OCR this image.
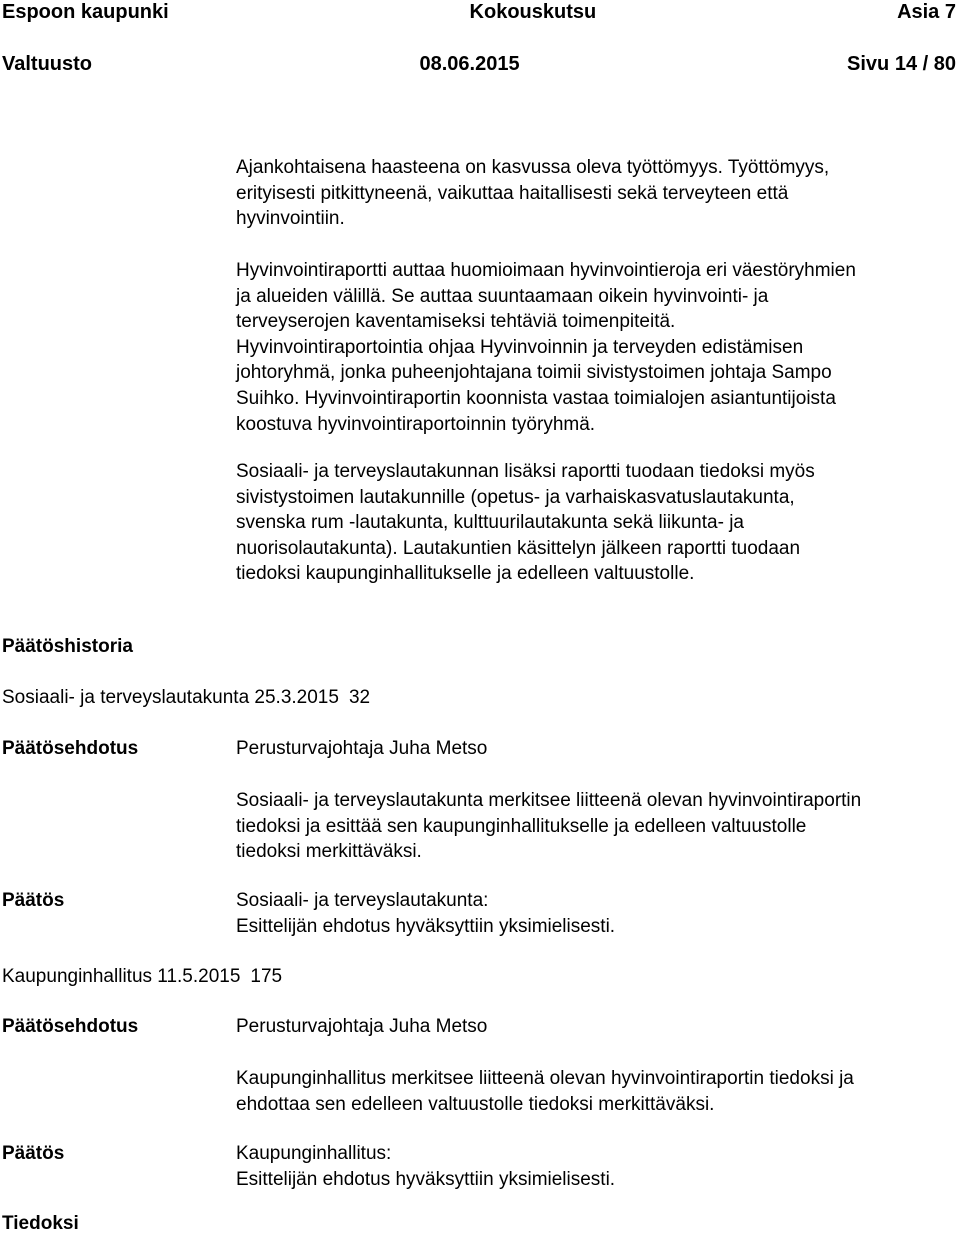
Espoon kaupunki	Kokouskutsu	Asia 7
Valtuusto	08.06.2015	Sivu 14 / 80
Ajankohtaisena haasteena on kasvussa oleva työttömyys. Työttömyys,
erityisesti pitkittyneenä, vaikuttaa haitallisesti sekä terveyteen että
hyvinvointiin.
Hyvinvointiraportti auttaa huomioimaan hyvinvointieroja eri väestöryhmien
ja alueiden välillä. Se auttaa suuntaamaan oikein hyvinvointi- ja
terveyserojen kaventamiseksi tehtäviä toimenpiteitä.
Hyvinvointiraportointia ohjaa Hyvinvoinnin ja terveyden edistämisen
johtoryhmä, jonka puheenjohtajana toimii sivistystoimen johtaja Sampo
Suihko. Hyvinvointiraportin koonnista vastaa toimialojen asiantuntijoista
koostuva hyvinvointiraportoinnin työryhmä.
Sosiaali- ja terveyslautakunnan lisäksi raportti tuodaan tiedoksi myös
sivistystoimen lautakunnille (opetus- ja varhaiskasvatuslautakunta,
svenska rum -lautakunta, kulttuurilautakunta sekä liikunta- ja
nuorisolautakunta). Lautakuntien käsittelyn jälkeen raportti tuodaan
tiedoksi kaupunginhallitukselle ja edelleen valtuustolle.
Päätöshistoria
Sosiaali- ja terveyslautakunta 25.3.2015 32
Päätösehdotus	Perusturvajohtaja Juha Metso
Sosiaali- ja terveyslautakunta merkitsee liitteenä olevan hyvinvointiraportin
tiedoksi ja esittää sen kaupunginhallitukselle ja edelleen valtuustolle
tiedoksi merkittäväksi.
Päätös	Sosiaali- ja terveyslautakunta:
Esittelijän ehdotus hyväksyttiin yksimielisesti.
Kaupunginhallitus 11.5.2015 175
Päätösehdotus	Perusturvajohtaja Juha Metso
Kaupunginhallitus merkitsee liitteenä olevan hyvinvointiraportin tiedoksi ja
ehdottaa sen edelleen valtuustolle tiedoksi merkittäväksi.
Päätös	Kaupunginhallitus:
Esittelijän ehdotus hyväksyttiin yksimielisesti.
Tiedoksi
